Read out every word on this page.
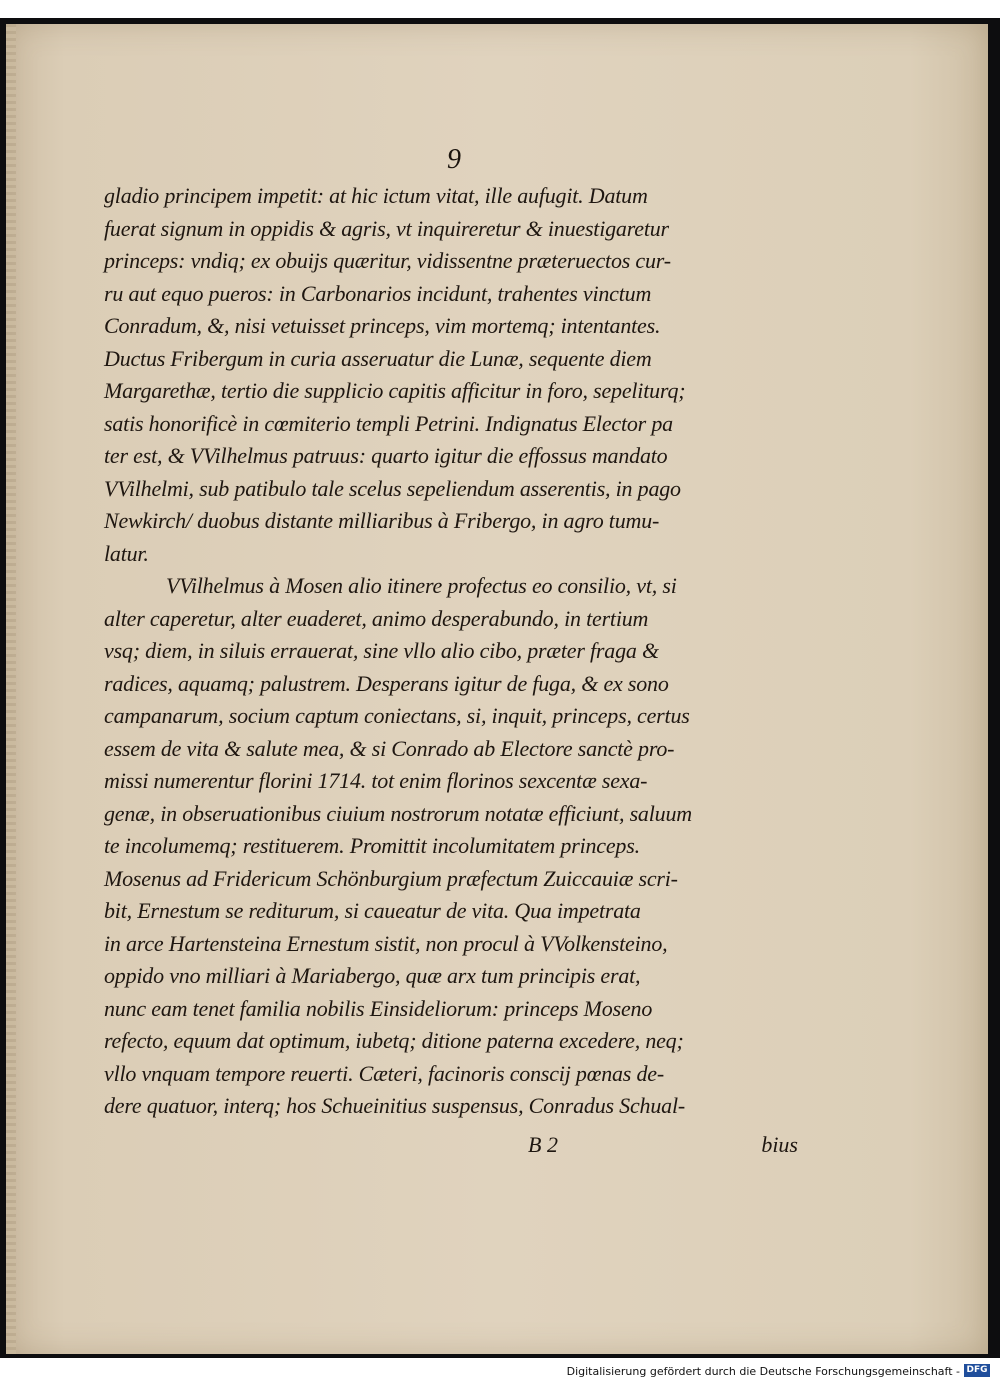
9
gladio principem impetit: at hic ictum vitat, ille aufugit. Datum
fuerat signum in oppidis & agris, vt inquireretur & inuestigaretur
princeps: vndiq; ex obuijs quæritur, vidissentne præteruectos cur-
ru aut equo pueros: in Carbonarios incidunt, trahentes vinctum
Conradum, &, nisi vetuisset princeps, vim mortemq; intentantes.
Ductus Fribergum in curia asseruatur die Lunæ, sequente diem
Margarethæ, tertio die supplicio capitis afficitur in foro, sepeliturq;
satis honorificè in cœmiterio templi Petrini. Indignatus Elector pa
ter est, & VVilhelmus patruus: quarto igitur die effossus mandato
VVilhelmi, sub patibulo tale scelus sepeliendum asserentis, in pago
Newkirch/ duobus distante milliaribus à Fribergo, in agro tumu-
latur.
VVilhelmus à Mosen alio itinere profectus eo consilio, vt, si
alter caperetur, alter euaderet, animo desperabundo, in tertium
vsq; diem, in siluis errauerat, sine vllo alio cibo, præter fraga &
radices, aquamq; palustrem. Desperans igitur de fuga, & ex sono
campanarum, socium captum coniectans, si, inquit, princeps, certus
essem de vita & salute mea, & si Conrado ab Electore sanctè pro-
missi numerentur florini 1714. tot enim florinos sexcentæ sexa-
genæ, in obseruationibus ciuium nostrorum notatæ efficiunt, saluum
te incolumemq; restituerem. Promittit incolumitatem princeps.
Mosenus ad Fridericum Schönburgium præfectum Zuiccauiæ scri-
bit, Ernestum se rediturum, si caueatur de vita. Qua impetrata
in arce Hartensteina Ernestum sistit, non procul à VVolkensteino,
oppido vno milliari à Mariabergo, quæ arx tum principis erat,
nunc eam tenet familia nobilis Einsideliorum: princeps Moseno
refecto, equum dat optimum, iubetq; ditione paterna excedere, neq;
vllo vnquam tempore reuerti. Cæteri, facinoris conscij pœnas de-
dere quatuor, interq; hos Schueinitius suspensus, Conradus Schual-
B 2	bius
Digitalisierung gefördert durch die Deutsche Forschungsgemeinschaft - DFG
